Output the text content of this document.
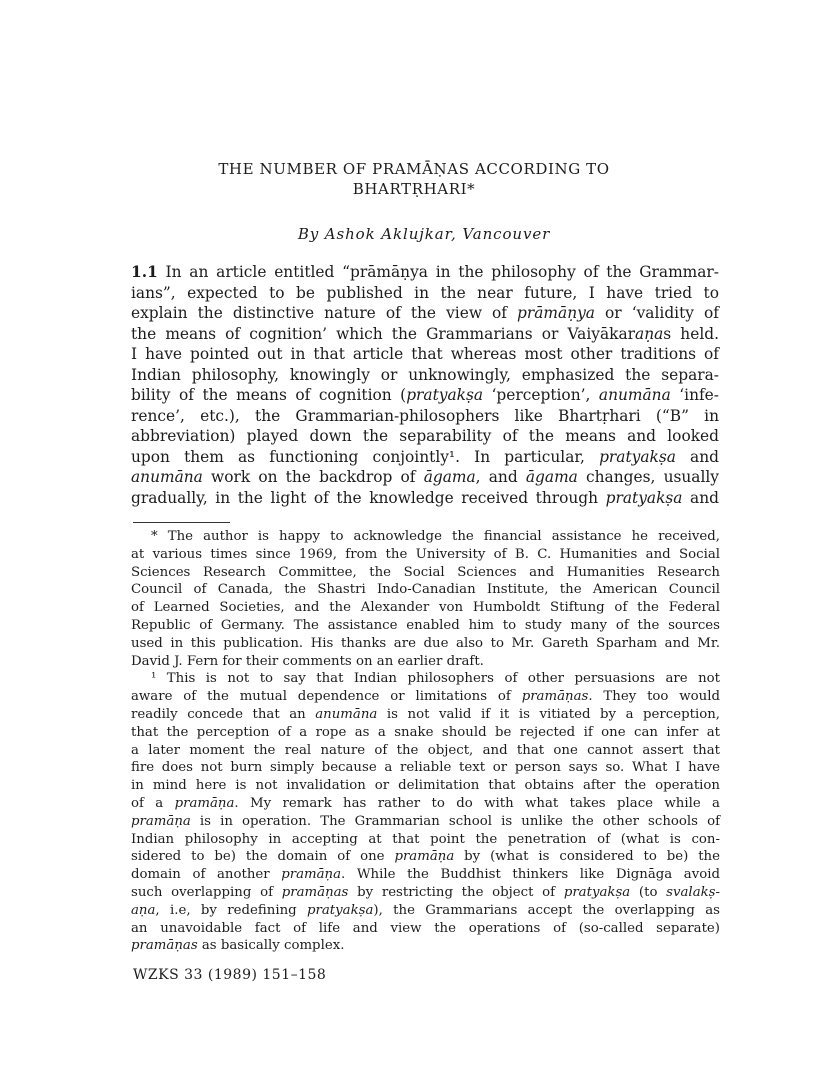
THE NUMBER OF PRAMĀṆAS ACCORDING TO
BHARTṚHARI*
By Ashok Aklujkar, Vancouver
1.1 In an article entitled “prāmāṇya in the philosophy of the Grammar-
ians”, expected to be published in the near future, I have tried to
explain the distinctive nature of the view of prāmāṇya or ‘validity of
the means of cognition’ which the Grammarians or Vaiyākaraṇas held.
I have pointed out in that article that whereas most other traditions of
Indian philosophy, knowingly or unknowingly, emphasized the separa-
bility of the means of cognition (pratyakṣa ‘perception’, anumāna ‘infe-
rence’, etc.), the Grammarian-philosophers like Bhartṛhari (“B” in
abbreviation) played down the separability of the means and looked
upon them as functioning conjointly¹. In particular, pratyakṣa and
anumāna work on the backdrop of āgama, and āgama changes, usually
gradually, in the light of the knowledge received through pratyakṣa and
* The author is happy to acknowledge the financial assistance he received,
at various times since 1969, from the University of B. C. Humanities and Social
Sciences Research Committee, the Social Sciences and Humanities Research
Council of Canada, the Shastri Indo-Canadian Institute, the American Council
of Learned Societies, and the Alexander von Humboldt Stiftung of the Federal
Republic of Germany. The assistance enabled him to study many of the sources
used in this publication. His thanks are due also to Mr. Gareth Sparham and Mr.
David J. Fern for their comments on an earlier draft.
¹ This is not to say that Indian philosophers of other persuasions are not
aware of the mutual dependence or limitations of pramāṇas. They too would
readily concede that an anumāna is not valid if it is vitiated by a perception,
that the perception of a rope as a snake should be rejected if one can infer at
a later moment the real nature of the object, and that one cannot assert that
fire does not burn simply because a reliable text or person says so. What I have
in mind here is not invalidation or delimitation that obtains after the operation
of a pramāṇa. My remark has rather to do with what takes place while a
pramāṇa is in operation. The Grammarian school is unlike the other schools of
Indian philosophy in accepting at that point the penetration of (what is con-
sidered to be) the domain of one pramāṇa by (what is considered to be) the
domain of another pramāṇa. While the Buddhist thinkers like Dignāga avoid
such overlapping of pramāṇas by restricting the object of pratyakṣa (to svalakṣ-
aṇa, i.e, by redefining pratyakṣa), the Grammarians accept the overlapping as
an unavoidable fact of life and view the operations of (so-called separate)
pramāṇas as basically complex.
WZKS 33 (1989) 151–158
